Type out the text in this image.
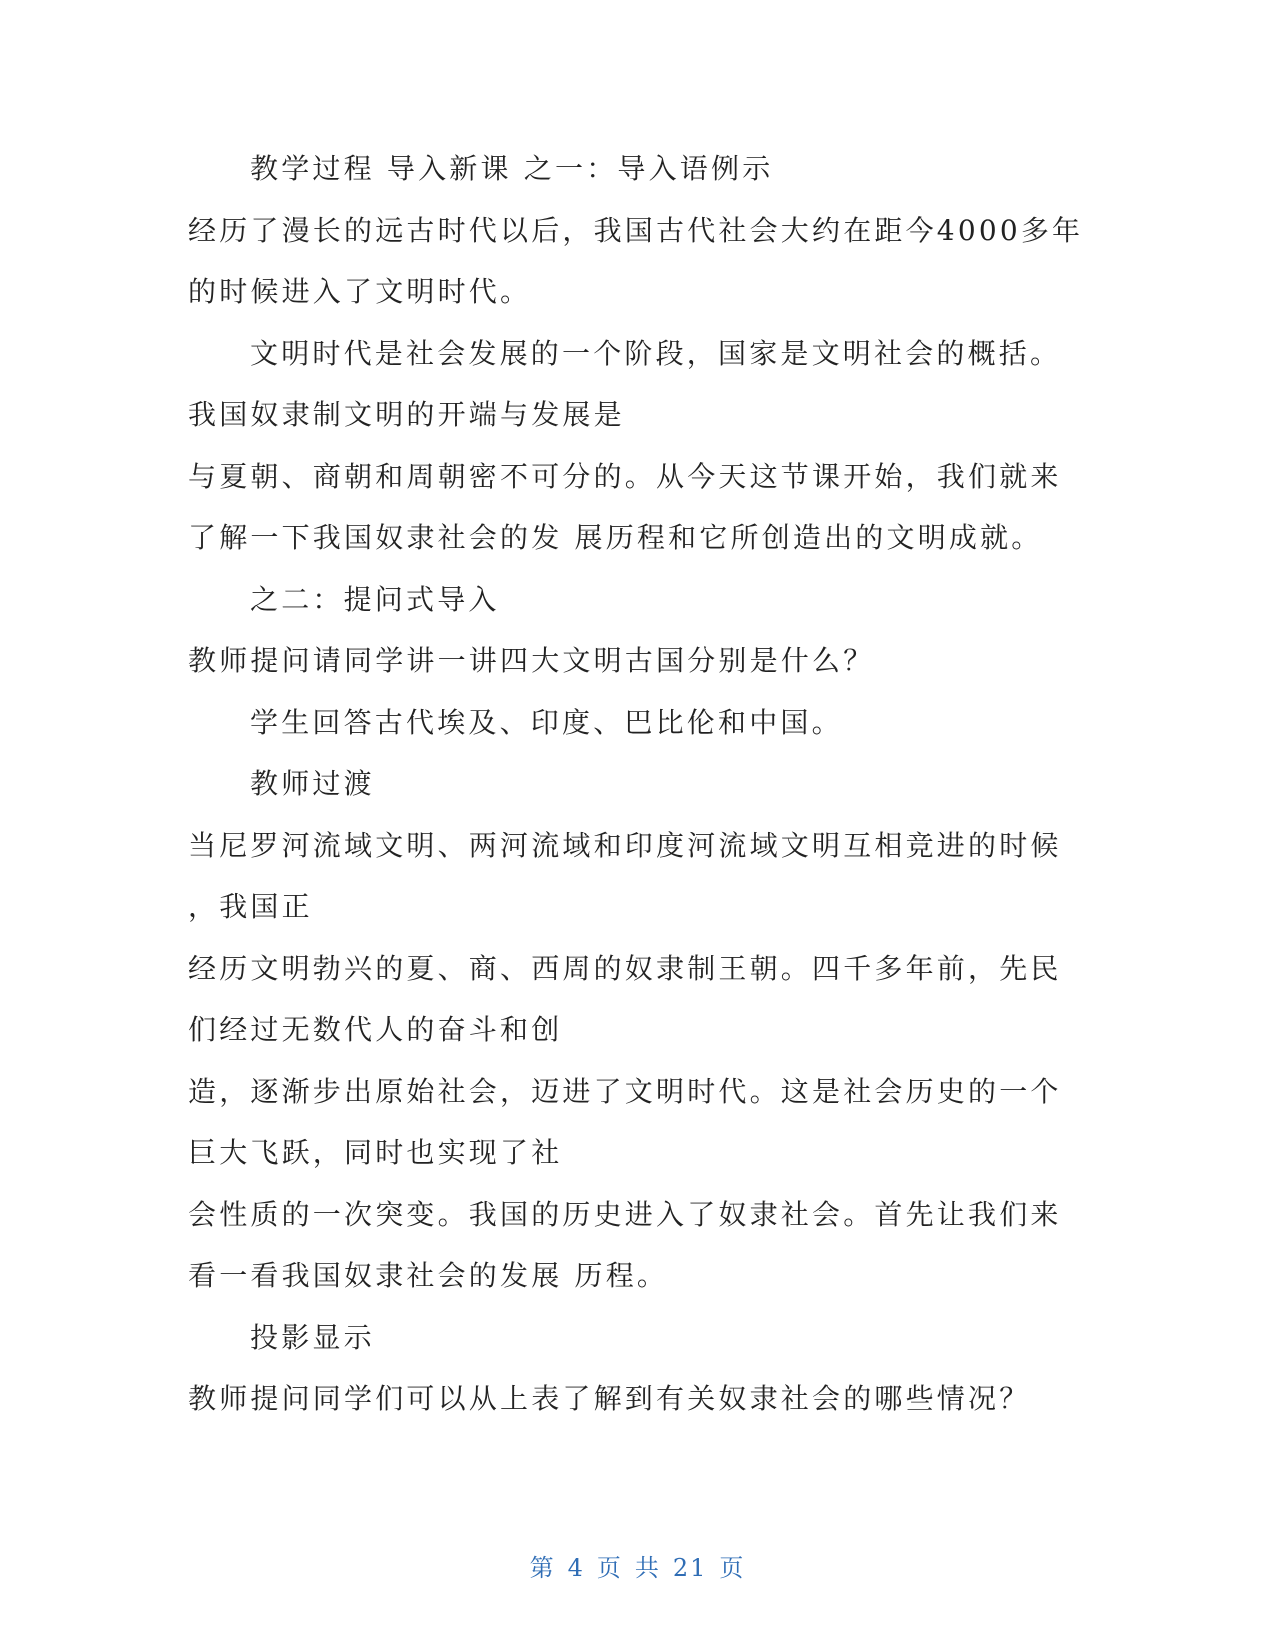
教学过程 导入新课 之一：导入语例示
经历了漫长的远古时代以后，我国古代社会大约在距今4000多年
的时候进入了文明时代。
文明时代是社会发展的一个阶段，国家是文明社会的概括。
我国奴隶制文明的开端与发展是
与夏朝、商朝和周朝密不可分的。从今天这节课开始，我们就来
了解一下我国奴隶社会的发 展历程和它所创造出的文明成就。
之二：提问式导入
教师提问请同学讲一讲四大文明古国分别是什么？
学生回答古代埃及、印度、巴比伦和中国。
教师过渡
当尼罗河流域文明、两河流域和印度河流域文明互相竞进的时候
，我国正
经历文明勃兴的夏、商、西周的奴隶制王朝。四千多年前，先民
们经过无数代人的奋斗和创
造，逐渐步出原始社会，迈进了文明时代。这是社会历史的一个
巨大飞跃，同时也实现了社
会性质的一次突变。我国的历史进入了奴隶社会。首先让我们来
看一看我国奴隶社会的发展 历程。
投影显示
教师提问同学们可以从上表了解到有关奴隶社会的哪些情况？
第 4 页 共 21 页
